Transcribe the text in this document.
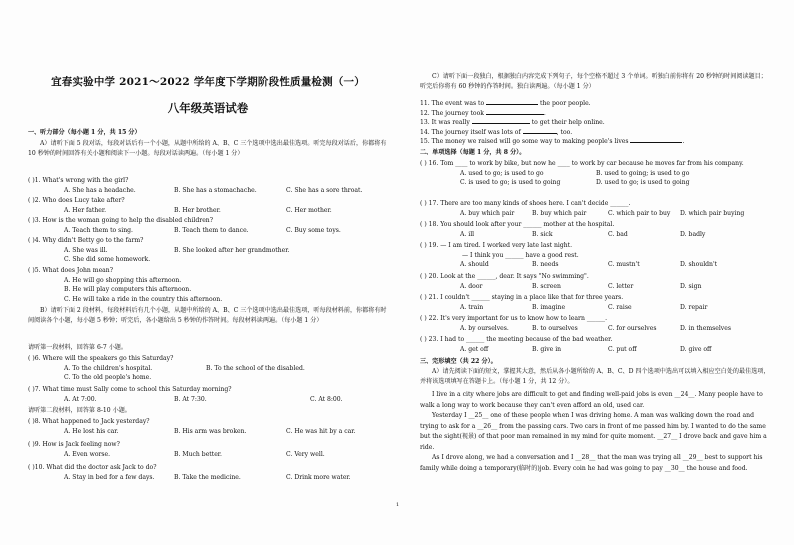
宜春实验中学 2021～2022 学年度下学期阶段性质量检测（一）
八年级英语试卷
一、听力部分（每小题 1 分，共 15 分）
A）请听下面 5 段对话，每段对话后有一个小题，从题中所给的 A、B、C 三个选项中选出最佳选项。听完每段对话后，你都将有 10 秒钟的时间回答有关小题和阅读下一小题。每段对话读两遍。（每小题 1 分）
( )1. What's wrong with the girl?
A. She has a headache.	B. She has a stomachache.	C. She has a sore throat.
( )2. Who does Lucy take after?
A. Her father.	B. Her brother.	C. Her mother.
( )3. How is the woman going to help the disabled children?
A. Teach them to sing.	B. Teach them to dance.	C. Buy some toys.
( )4. Why didn't Betty go to the farm?
A. She was ill.	B. She looked after her grandmother.
C. She did some homework.
( )5. What does John mean?
A. He will go shopping this afternoon.
B. He will play computers this afternoon.
C. He will take a ride in the country this afternoon.
B）请听下面 2 段材料，每段材料后有几个小题，从题中所给的 A、B、C 三个选项中选出最佳选项，听每段材料前，你都将有时间阅读各个小题，每小题 5 秒钟；听完后，各小题给出 5 秒钟的作答时间。每段材料读两遍。（每小题 1 分）
请听第一段材料，回答第 6-7 小题。
( )6. Where will the speakers go this Saturday?
A. To the children's hospital.	B. To the school of the disabled.
C. To the old people's home.
( )7. What time must Sally come to school this Saturday morning?
A. At 7:00.	B. At 7:30.	C. At 8:00.
请听第二段材料，回答第 8-10 小题。
( )8. What happened to Jack yesterday?
A. He lost his car.	B. His arm was broken.	C. He was hit by a car.
( )9. How is Jack feeling now?
A. Even worse.	B. Much better.	C. Very well.
( )10. What did the doctor ask Jack to do?
A. Stay in bed for a few days.	B. Take the medicine.	C. Drink more water.
C）请听下面一段独白，根据独白内容完成下列句子，每个空格不超过 3 个单词。听独白前你将有 20 秒钟的时间阅读题目；听完后你将有 60 秒钟的作答时间。独白读两遍。（每小题 1 分）
11. The event was to	the poor people.
12. The journey took	.
13. It was really	to get their help online.
14. The journey itself was lots of	, too.
15. The money we raised will go some way to making people's lives	.
二、单项选择（每题 1 分，共 8 分）。
( ) 16. Tom ____ to work by bike, but now he ____ to work by car because he moves far from his company.
A. used to go; is used to go	B. used to going; is used to go
C. is used to go; is used to going	D. used to go; is used to going
( ) 17. There are too many kinds of shoes here. I can't decide ______.
A. buy which pair	B. buy which pair	C. which pair to buy D. which pair buying
( ) 18. You should look after your ______ mother at the hospital.
A. ill	B. sick	C. bad	D. badly
( ) 19. — I am tired. I worked very late last night.
— I think you ______ have a good rest.
A. should	B. needs	C. mustn't	D. shouldn't
( ) 20. Look at the ______, dear. It says "No swimming".
A. door	B. screen	C. letter	D. sign
( ) 21. I couldn't ______ staying in a place like that for three years.
A. train	B. imagine	C. raise	D. repair
( ) 22. It's very important for us to know how to learn ______.
A. by ourselves.	B. to ourselves	C. for ourselves	D. in themselves
( ) 23. I had to ______ the meeting because of the bad weather.
A. get off	B. give in	C. put off	D. give off
三、完形填空（共 22 分）。
A）请先阅读下面的短文，掌握其大意，然后从各小题所给的 A、B、C、D 四个选项中选出可以填入相应空白处的最佳选项，并将该选项填写在答题卡上。（每小题 1 分，共 12 分）。
I live in a city where jobs are difficult to get and finding well-paid jobs is even __24__. Many people have to walk a long way to work because they can't even afford an old, used car.
Yesterday I __25__ one of these people when I was driving home. A man was walking down the road and trying to ask for a __26__ from the passing cars. Two cars in front of me passed him by. I wanted to do the same but the sight(视景) of that poor man remained in my mind for quite moment. __27__ I drove back and gave him a ride.
As I drove along, we had a conversation and I __28__ that the man was trying all __29__ best to support his family while doing a temporary(临时的)job. Every coin he had was going to pay __30__ the house and food.
1
